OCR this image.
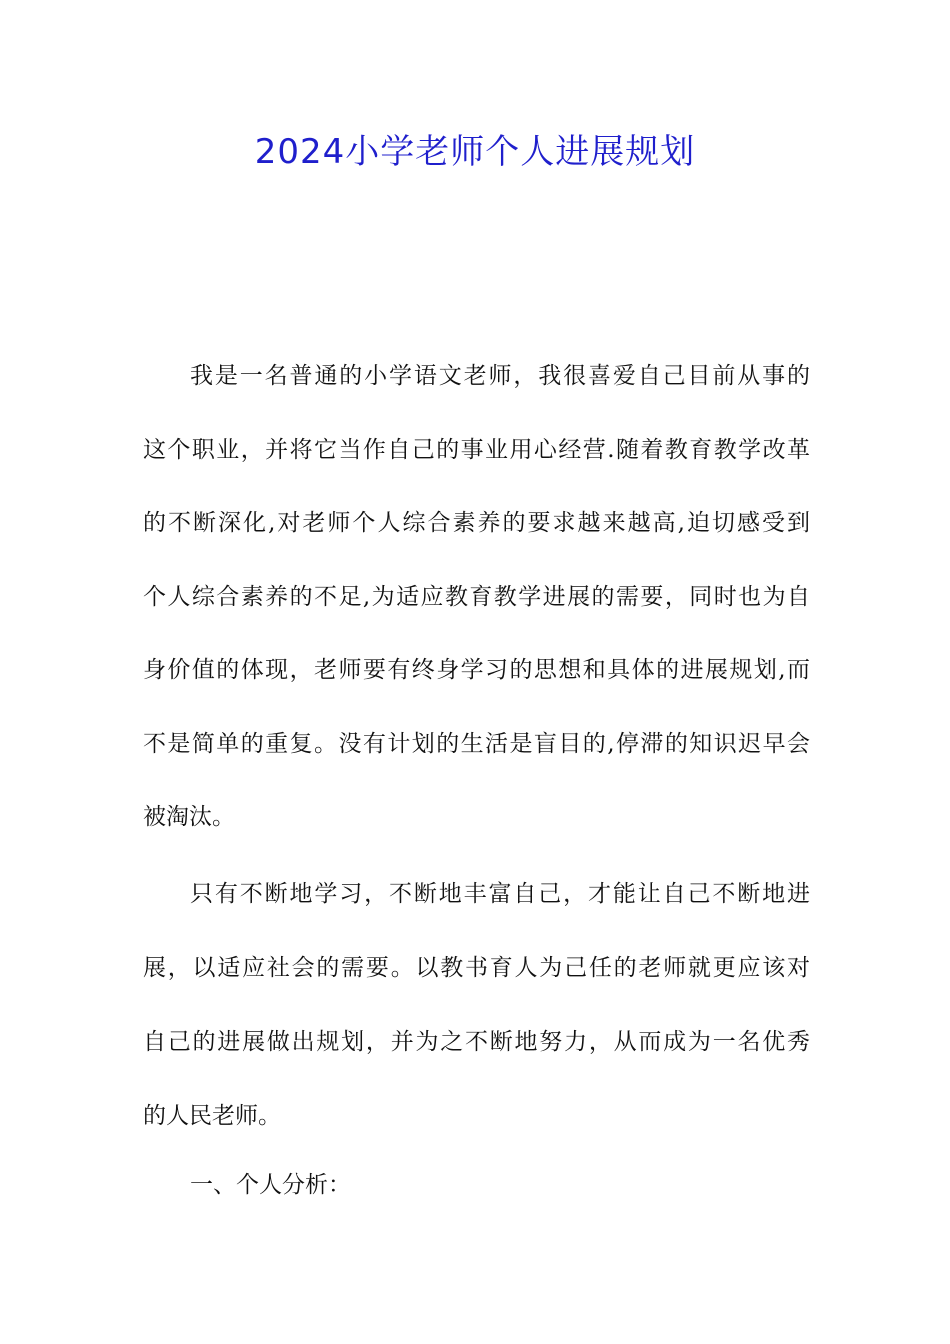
2024小学老师个人进展规划
我是一名普通的小学语文老师，我很喜爱自己目前从事的
这个职业，并将它当作自己的事业用心经营.随着教育教学改革
的不断深化,对老师个人综合素养的要求越来越高,迫切感受到
个人综合素养的不足,为适应教育教学进展的需要，同时也为自
身价值的体现，老师要有终身学习的思想和具体的进展规划,而
不是简单的重复。没有计划的生活是盲目的,停滞的知识迟早会
被淘汰。
只有不断地学习，不断地丰富自己，才能让自己不断地进
展，以适应社会的需要。以教书育人为己任的老师就更应该对
自己的进展做出规划，并为之不断地努力，从而成为一名优秀
的人民老师。

一、个人分析：
